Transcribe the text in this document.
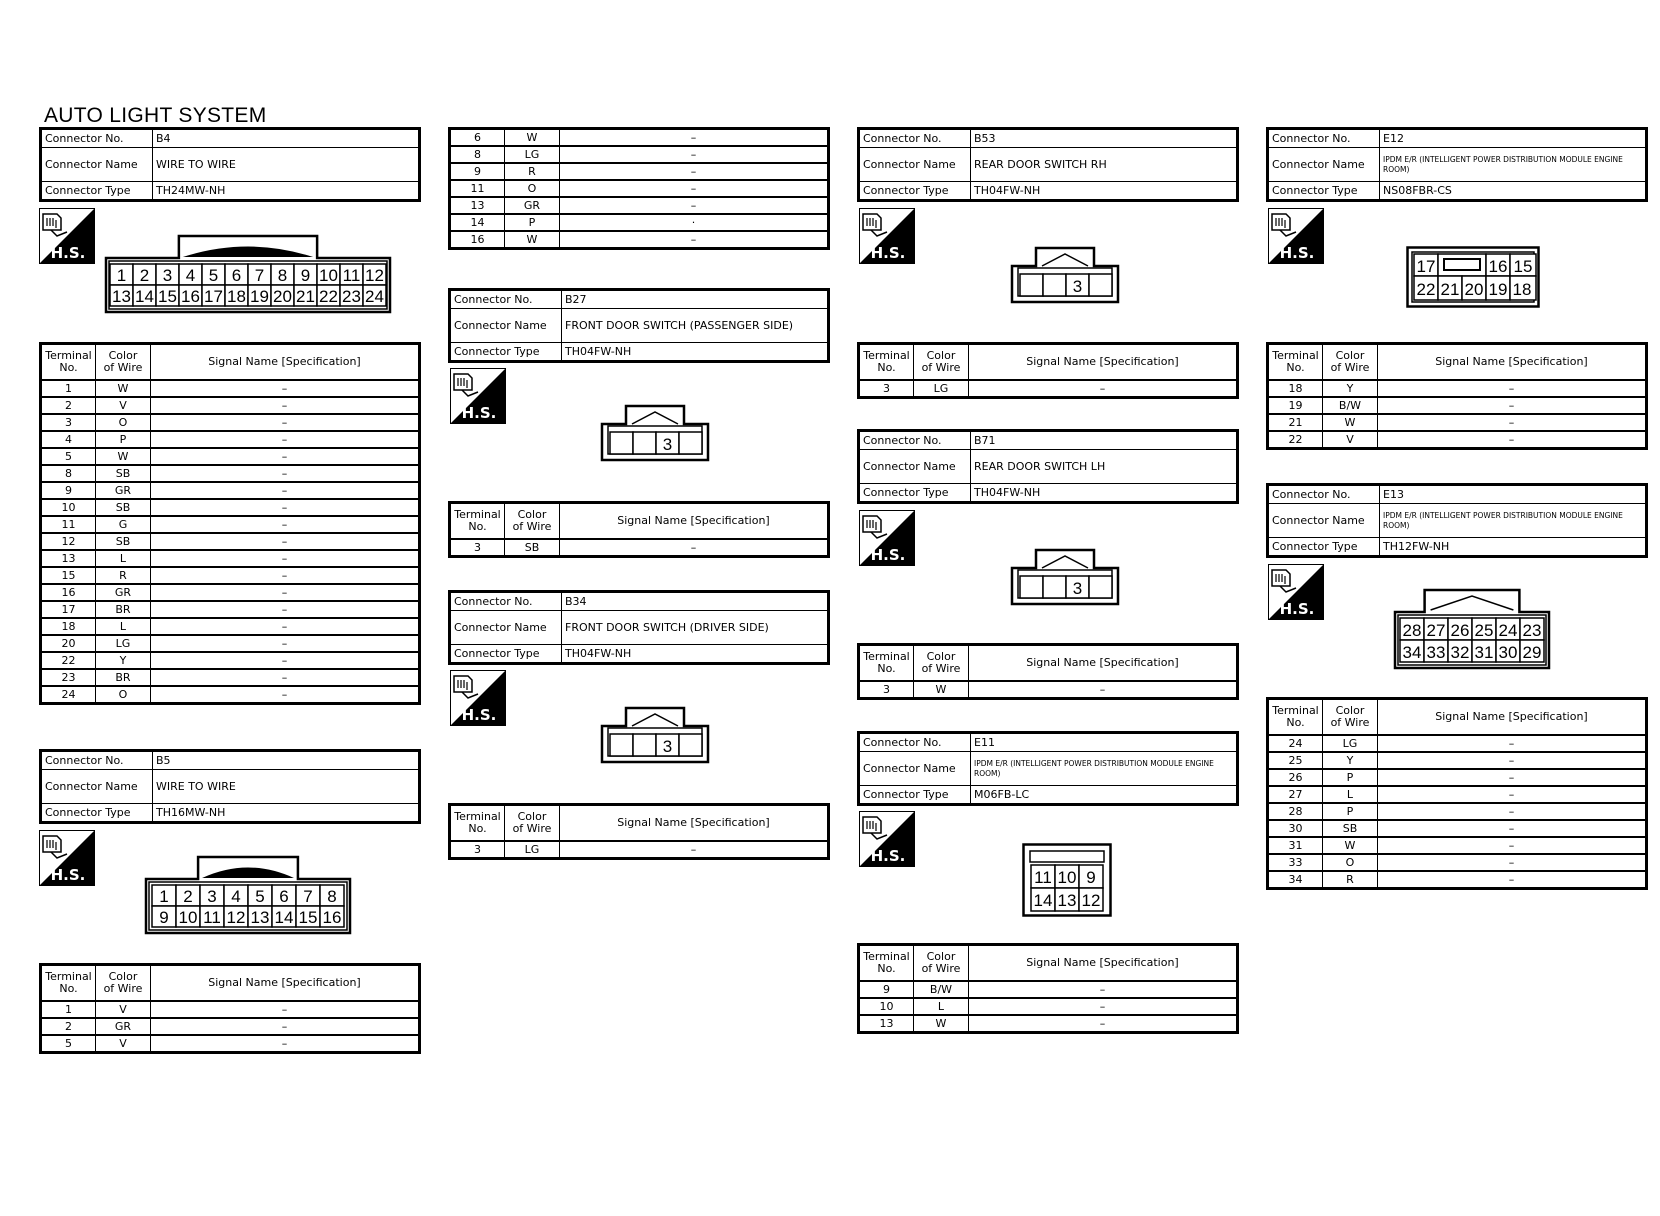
AUTO LIGHT SYSTEM
Connector No.	B4
Connector Name	WIRE TO WIRE
Connector Type	TH24MW-NH
H.S.
1
13
2
14
3
15
4
16
5
17
6
18
7
19
8
20
9
21
10
22
11
23
12
24
Terminal
No.	Color
of Wire	Signal Name [Specification]
1	W	–
2	V	–
3	O	–
4	P	–
5	W	–
8	SB	–
9	GR	–
10	SB	–
11	G	–
12	SB	–
13	L	–
15	R	–
16	GR	–
17	BR	–
18	L	–
20	LG	–
22	Y	–
23	BR	–
24	O	–
Connector No.	B5
Connector Name	WIRE TO WIRE
Connector Type	TH16MW-NH
H.S.
1
9
2
10
3
11
4
12
5
13
6
14
7
15
8
16
Terminal
No.	Color
of Wire	Signal Name [Specification]
1	V	–
2	GR	–
5	V	–
6	W	–
8	LG	–
9	R	–
11	O	–
13	GR	–
14	P	·
16	W	–
Connector No.	B27
Connector Name	FRONT DOOR SWITCH (PASSENGER SIDE)
Connector Type	TH04FW-NH
H.S.
3
Terminal
No.	Color
of Wire	Signal Name [Specification]
3	SB	–
Connector No.	B34
Connector Name	FRONT DOOR SWITCH (DRIVER SIDE)
Connector Type	TH04FW-NH
H.S.
3
Terminal
No.	Color
of Wire	Signal Name [Specification]
3	LG	–
Connector No.	B53
Connector Name	REAR DOOR SWITCH RH
Connector Type	TH04FW-NH
H.S.
3
Terminal
No.	Color
of Wire	Signal Name [Specification]
3	LG	–
Connector No.	B71
Connector Name	REAR DOOR SWITCH LH
Connector Type	TH04FW-NH
H.S.
3
Terminal
No.	Color
of Wire	Signal Name [Specification]
3	W	–
Connector No.	E11
Connector Name	IPDM E/R (INTELLIGENT POWER DISTRIBUTION MODULE ENGINE ROOM)
Connector Type	M06FB-LC
H.S.
11
14
10
13
9
12
Terminal
No.	Color
of Wire	Signal Name [Specification]
9	B/W	–
10	L	–
13	W	–
Connector No.	E12
Connector Name	IPDM E/R (INTELLIGENT POWER DISTRIBUTION MODULE ENGINE ROOM)
Connector Type	NS08FBR-CS
H.S.
17	16 15
22 21 20 19 18
Terminal
No.	Color
of Wire	Signal Name [Specification]
18	Y	–
19	B/W	–
21	W	–
22	V	–
Connector No.	E13
Connector Name	IPDM E/R (INTELLIGENT POWER DISTRIBUTION MODULE ENGINE ROOM)
Connector Type	TH12FW-NH
H.S.
28
34
27
33
26
32
25
31
24
30
23
29
Terminal
No.	Color
of Wire	Signal Name [Specification]
24	LG	–
25	Y	–
26	P	–
27	L	–
28	P	–
30	SB	–
31	W	–
33	O	–
34	R	–
